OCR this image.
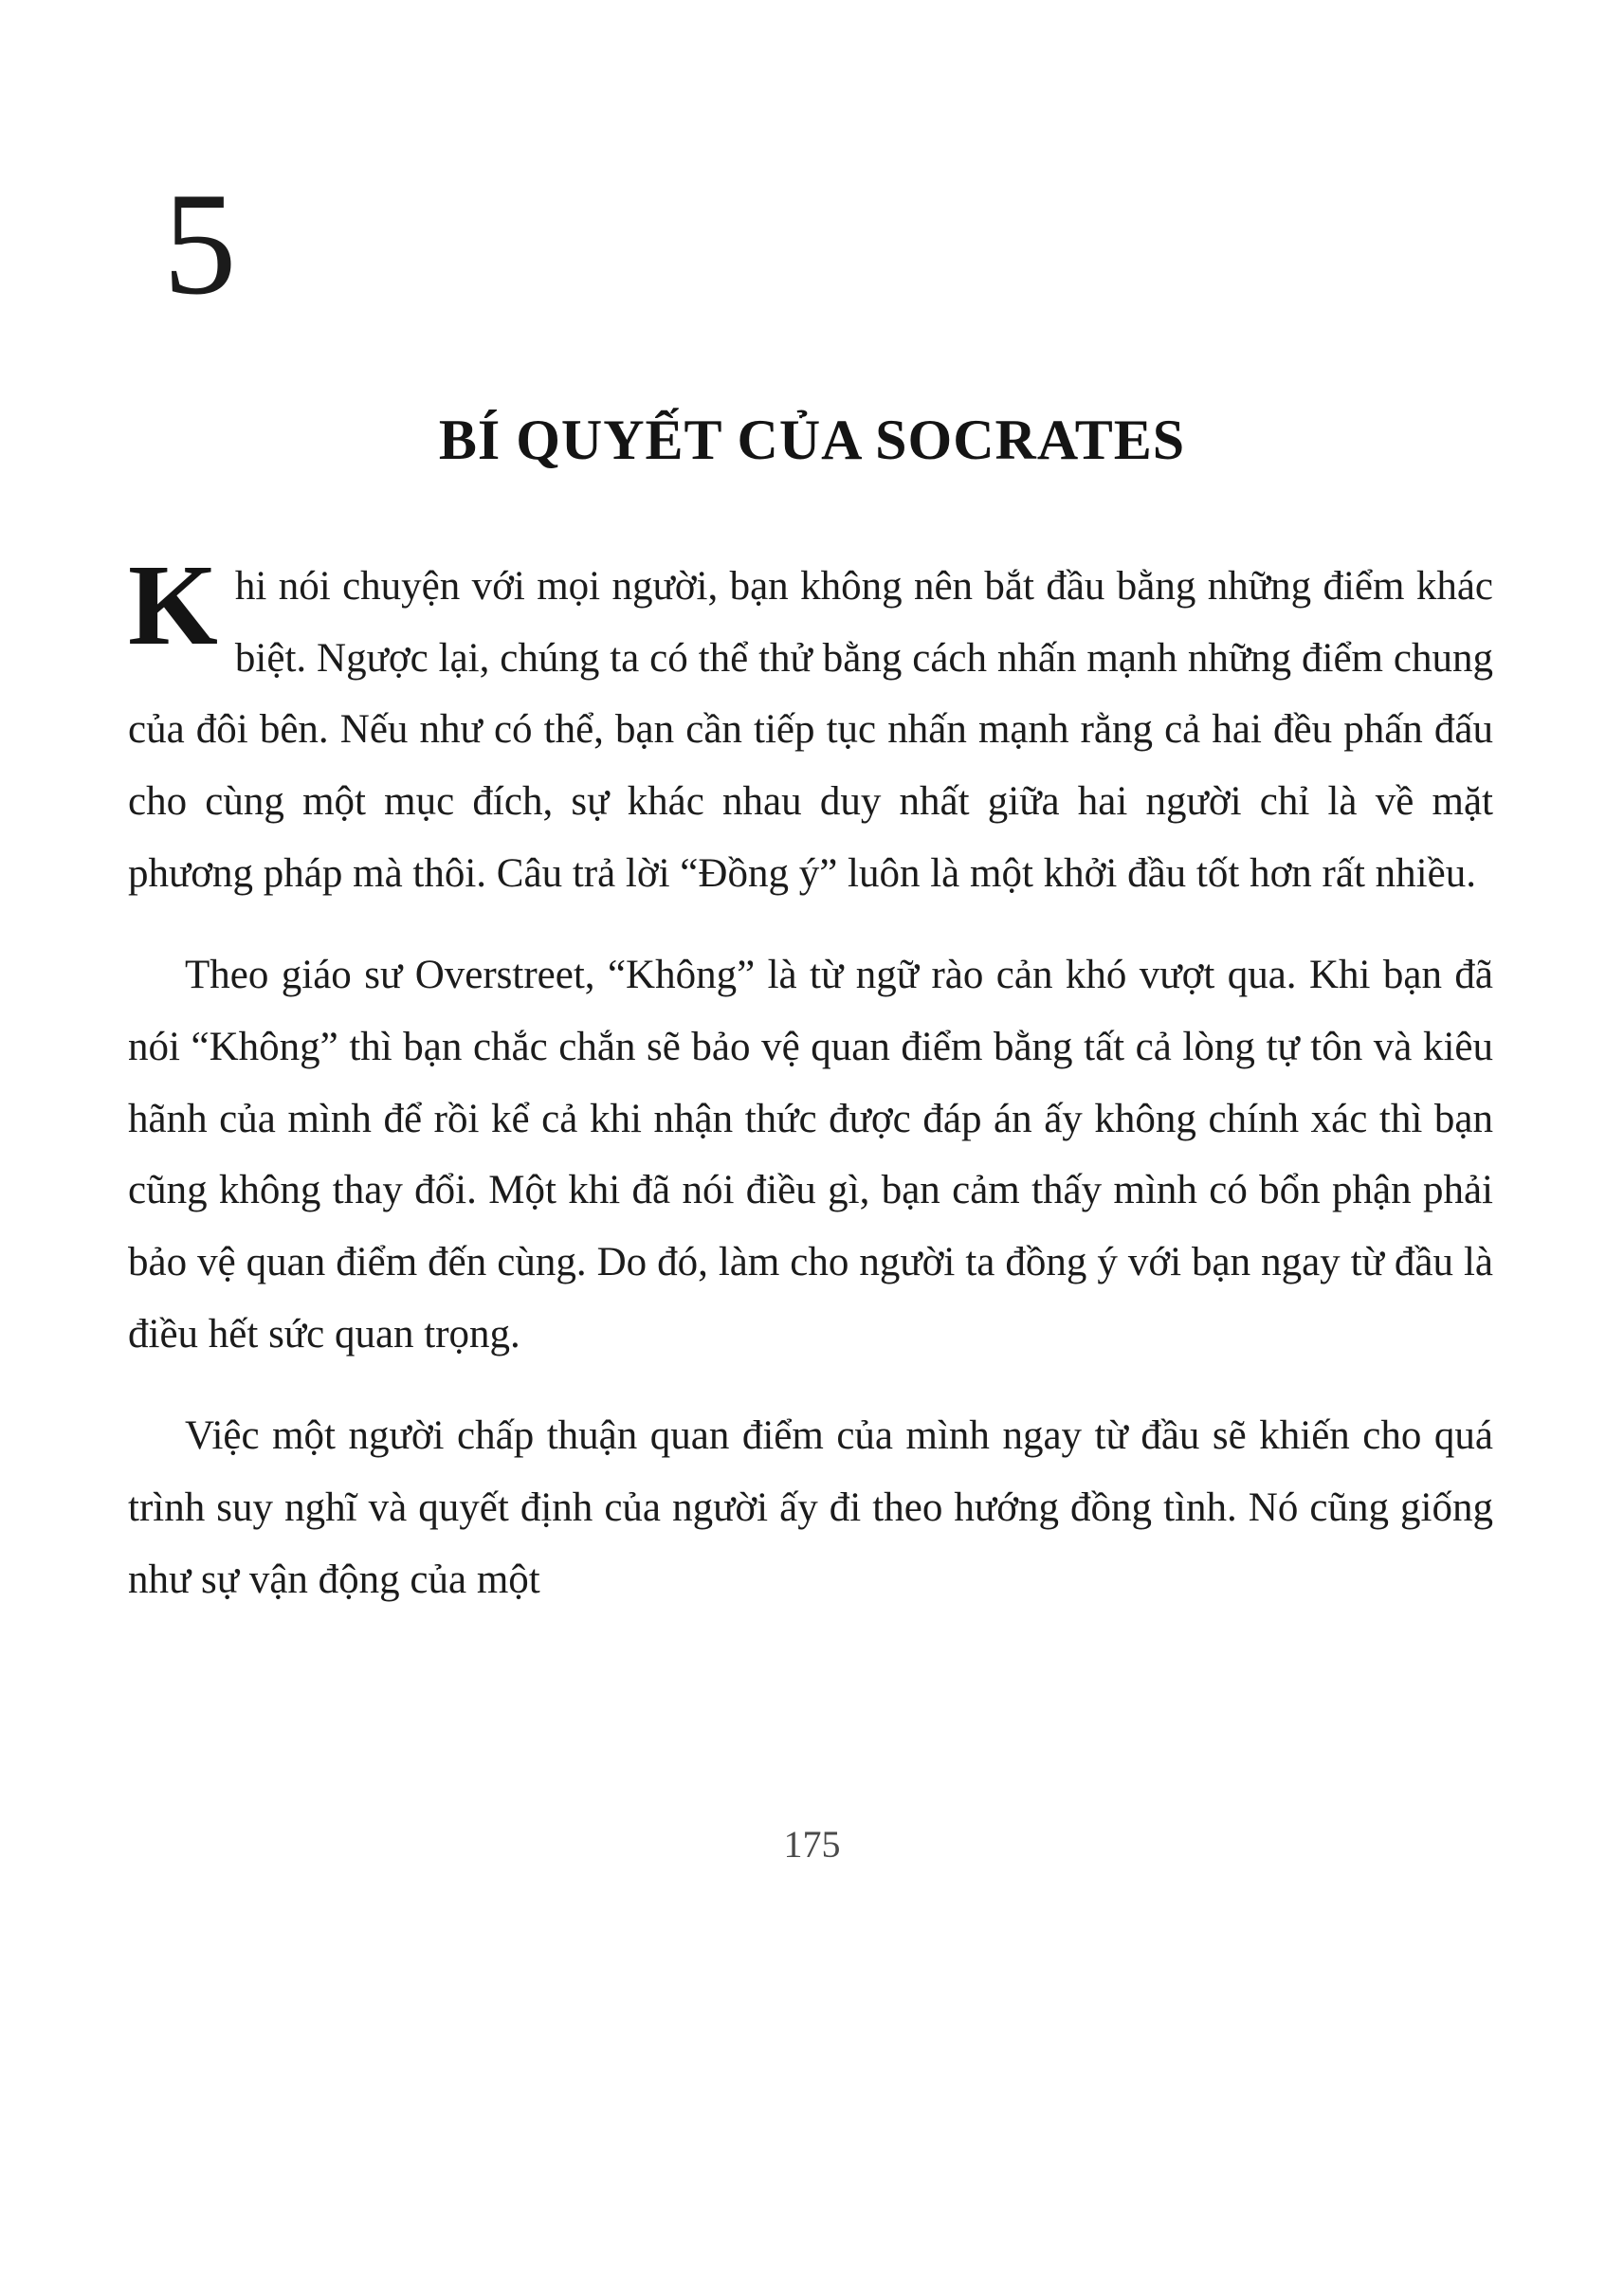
5
BÍ QUYẾT CỦA SOCRATES

Khi nói chuyện với mọi người, bạn không nên bắt đầu bằng những điểm khác biệt. Ngược lại, chúng ta có thể thử bằng cách nhấn mạnh những điểm chung của đôi bên. Nếu như có thể, bạn cần tiếp tục nhấn mạnh rằng cả hai đều phấn đấu cho cùng một mục đích, sự khác nhau duy nhất giữa hai người chỉ là về mặt phương pháp mà thôi. Câu trả lời “Đồng ý” luôn là một khởi đầu tốt hơn rất nhiều.

Theo giáo sư Overstreet, “Không” là từ ngữ rào cản khó vượt qua. Khi bạn đã nói “Không” thì bạn chắc chắn sẽ bảo vệ quan điểm bằng tất cả lòng tự tôn và kiêu hãnh của mình để rồi kể cả khi nhận thức được đáp án ấy không chính xác thì bạn cũng không thay đổi. Một khi đã nói điều gì, bạn cảm thấy mình có bổn phận phải bảo vệ quan điểm đến cùng. Do đó, làm cho người ta đồng ý với bạn ngay từ đầu là điều hết sức quan trọng.

Việc một người chấp thuận quan điểm của mình ngay từ đầu sẽ khiến cho quá trình suy nghĩ và quyết định của người ấy đi theo hướng đồng tình. Nó cũng giống như sự vận động của một

175
